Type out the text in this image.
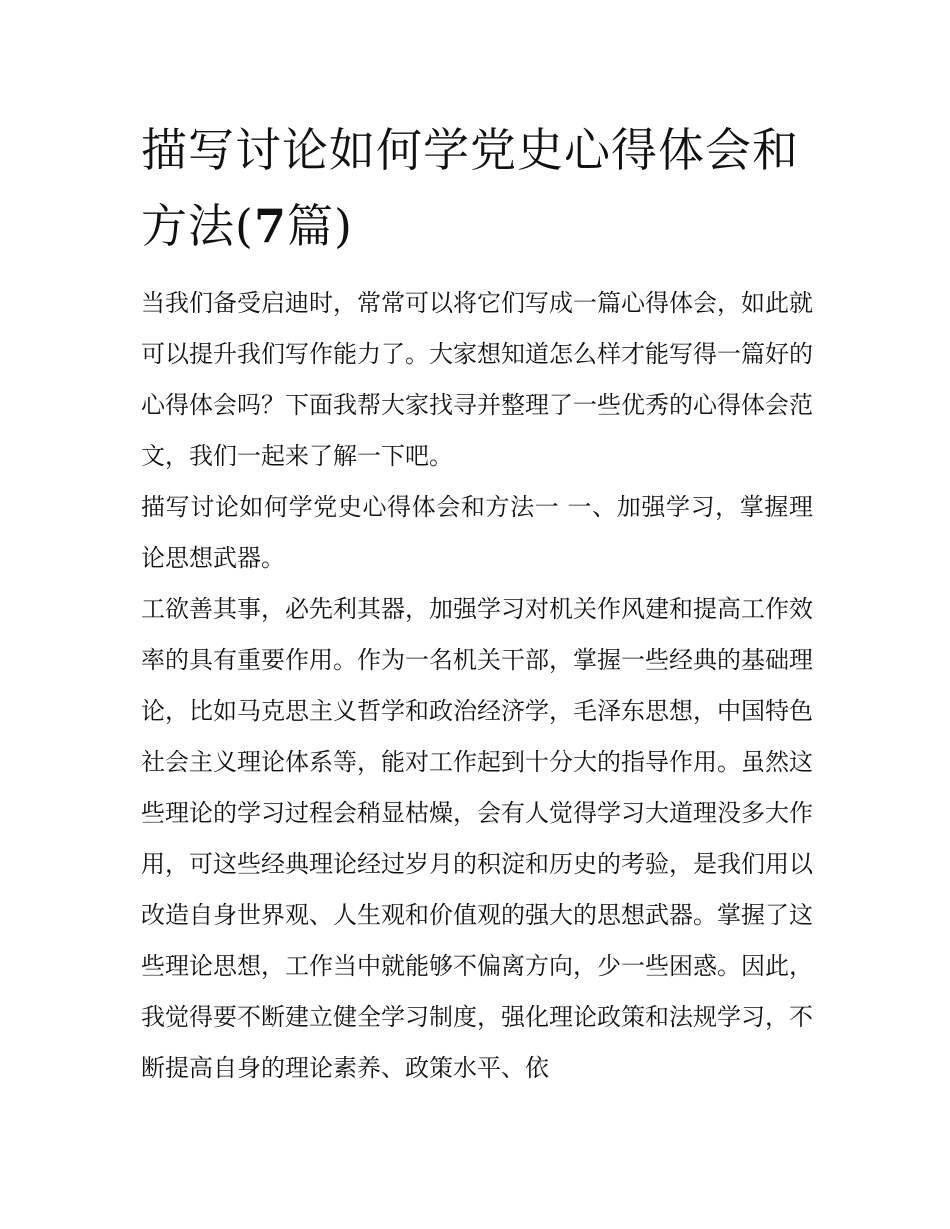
描写讨论如何学党史心得体会和方法(7篇)

当我们备受启迪时，常常可以将它们写成一篇心得体会，如此就可以提升我们写作能力了。大家想知道怎么样才能写得一篇好的心得体会吗？下面我帮大家找寻并整理了一些优秀的心得体会范文，我们一起来了解一下吧。

描写讨论如何学党史心得体会和方法一 一、加强学习，掌握理论思想武器。

工欲善其事，必先利其器，加强学习对机关作风建和提高工作效率的具有重要作用。作为一名机关干部，掌握一些经典的基础理论，比如马克思主义哲学和政治经济学，毛泽东思想，中国特色社会主义理论体系等，能对工作起到十分大的指导作用。虽然这些理论的学习过程会稍显枯燥，会有人觉得学习大道理没多大作用，可这些经典理论经过岁月的积淀和历史的考验，是我们用以改造自身世界观、人生观和价值观的强大的思想武器。掌握了这些理论思想，工作当中就能够不偏离方向，少一些困惑。因此，我觉得要不断建立健全学习制度，强化理论政策和法规学习，不断提高自身的理论素养、政策水平、依
